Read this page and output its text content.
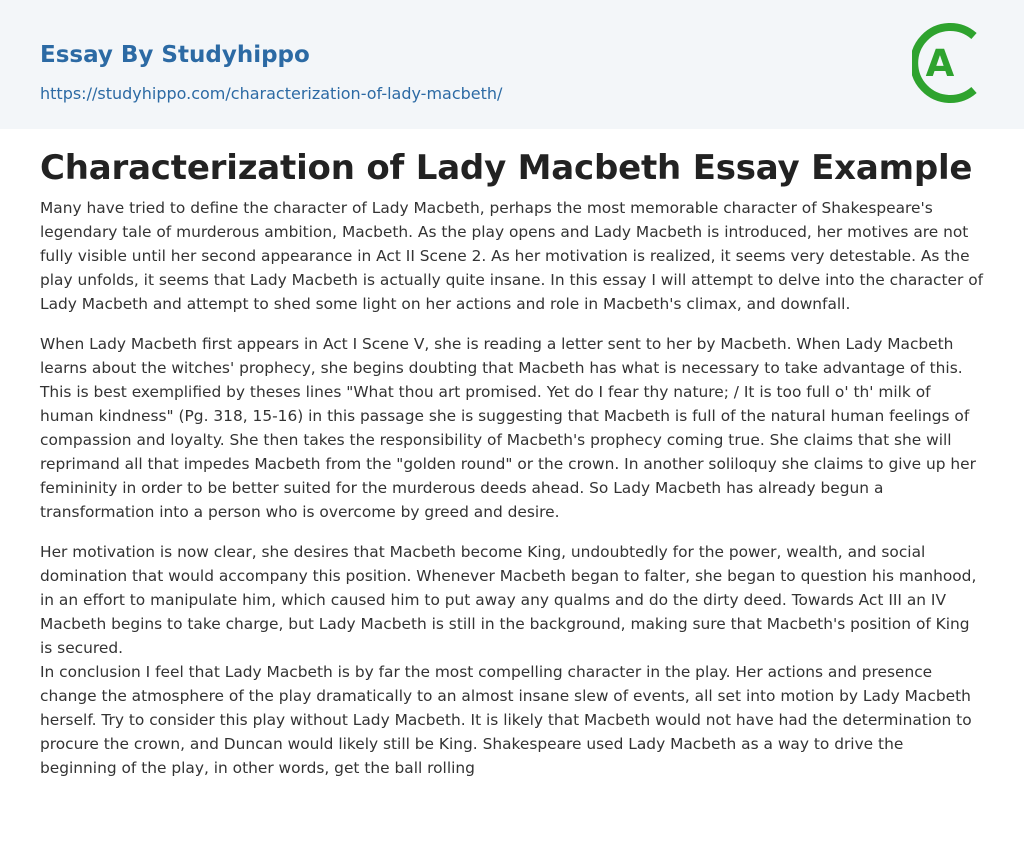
Essay By Studyhippo
https://studyhippo.com/characterization-of-lady-macbeth/
A
Characterization of Lady Macbeth Essay Example

Many have tried to define the character of Lady Macbeth, perhaps the most memorable character of Shakespeare's legendary tale of murderous ambition, Macbeth. As the play opens and Lady Macbeth is introduced, her motives are not fully visible until her second appearance in Act II Scene 2. As her motivation is realized, it seems very detestable. As the play unfolds, it seems that Lady Macbeth is actually quite insane. In this essay I will attempt to delve into the character of Lady Macbeth and attempt to shed some light on her actions and role in Macbeth's climax, and downfall.

When Lady Macbeth first appears in Act I Scene V, she is reading a letter sent to her by Macbeth. When Lady Macbeth learns about the witches' prophecy, she begins doubting that Macbeth has what is necessary to take advantage of this. This is best exemplified by theses lines "What thou art promised. Yet do I fear thy nature; / It is too full o' th' milk of human kindness" (Pg. 318, 15-16) in this passage she is suggesting that Macbeth is full of the natural human feelings of compassion and loyalty. She then takes the responsibility of Macbeth's prophecy coming true. She claims that she will reprimand all that impedes Macbeth from the "golden round" or the crown. In another soliloquy she claims to give up her femininity in order to be better suited for the murderous deeds ahead. So Lady Macbeth has already begun a transformation into a person who is overcome by greed and desire.

Her motivation is now clear, she desires that Macbeth become King, undoubtedly for the power, wealth, and social domination that would accompany this position. Whenever Macbeth began to falter, she began to question his manhood, in an effort to manipulate him, which caused him to put away any qualms and do the dirty deed. Towards Act III an IV Macbeth begins to take charge, but Lady Macbeth is still in the background, making sure that Macbeth's position of King is secured.

In conclusion I feel that Lady Macbeth is by far the most compelling character in the play. Her actions and presence change the atmosphere of the play dramatically to an almost insane slew of events, all set into motion by Lady Macbeth herself. Try to consider this play without Lady Macbeth. It is likely that Macbeth would not have had the determination to procure the crown, and Duncan would likely still be King. Shakespeare used Lady Macbeth as a way to drive the beginning of the play, in other words, get the ball rolling
